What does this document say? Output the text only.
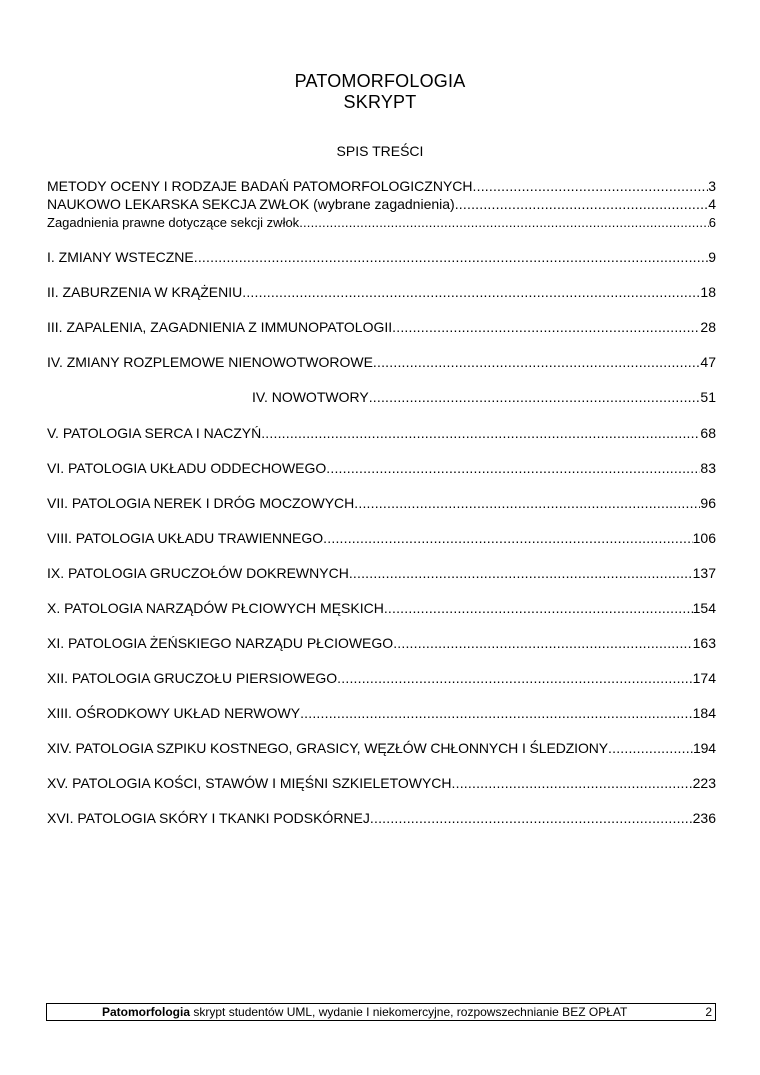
PATOMORFOLOGIA
SKRYPT
SPIS TREŚCI
METODY OCENY I RODZAJE BADAŃ PATOMORFOLOGICZNYCH .....	3
NAUKOWO LEKARSKA SEKCJA ZWŁOK (wybrane zagadnienia) .....	4
Zagadnienia prawne dotyczące sekcji zwłok .....	6
I. ZMIANY WSTECZNE .....	9
II. ZABURZENIA W KRĄŻENIU .....	18
III. ZAPALENIA, ZAGADNIENIA Z IMMUNOPATOLOGII .....	28
IV. ZMIANY ROZPLEMOWE NIENOWOTWOROWE .....	47
IV. NOWOTWORY .....	51
V. PATOLOGIA SERCA I NACZYŃ .....	68
VI. PATOLOGIA UKŁADU ODDECHOWEGO .....	83
VII. PATOLOGIA NEREK I DRÓG MOCZOWYCH .....	96
VIII. PATOLOGIA UKŁADU TRAWIENNEGO .....	106
IX. PATOLOGIA GRUCZOŁÓW DOKREWNYCH .....	137
X. PATOLOGIA NARZĄDÓW PŁCIOWYCH MĘSKICH .....	154
XI. PATOLOGIA ŻEŃSKIEGO NARZĄDU PŁCIOWEGO .....	163
XII. PATOLOGIA GRUCZOŁU PIERSIOWEGO .....	174
XIII. OŚRODKOWY UKŁAD NERWOWY .....	184
XIV. PATOLOGIA SZPIKU KOSTNEGO, GRASICY, WĘZŁÓW CHŁONNYCH I ŚLEDZIONY .....	194
XV. PATOLOGIA KOŚCI, STAWÓW I MIĘŚNI SZKIELETOWYCH .....	223
XVI. PATOLOGIA SKÓRY I TKANKI PODSKÓRNEJ .....	236
Patomorfologia skrypt studentów UML, wydanie I niekomercyjne, rozpowszechnianie BEZ OPŁAT	2
